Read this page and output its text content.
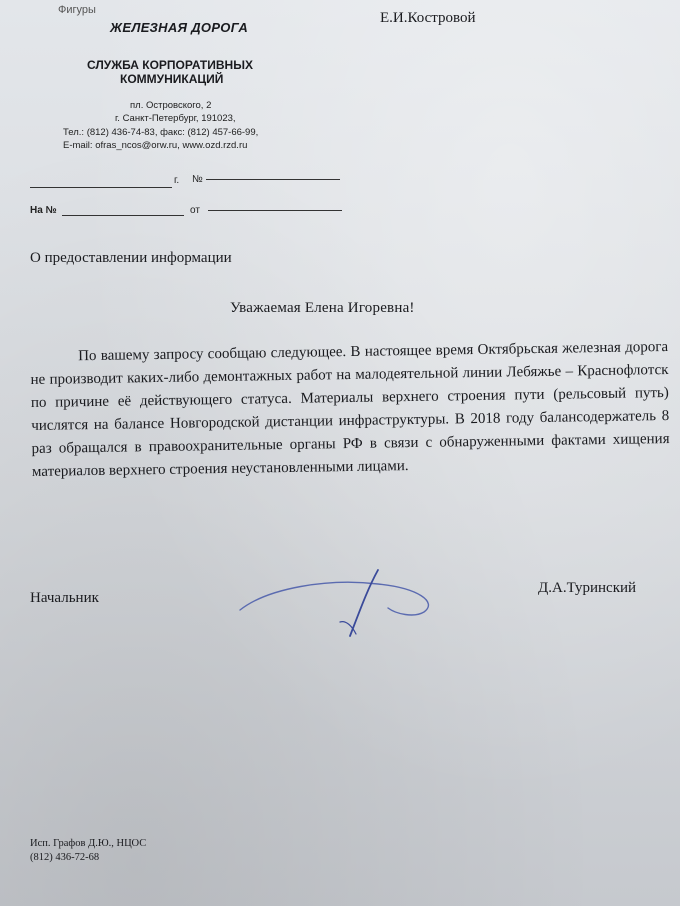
Фигуры	Е.И.Костровой
ЖЕЛЕЗНАЯ ДОРОГА
СЛУЖБА КОРПОРАТИВНЫХ
КОММУНИКАЦИЙ
пл. Островского, 2
г. Санкт-Петербург, 191023,
Тел.: (812) 436-74-83, факс: (812) 457-66-99,
E-mail: ofras_ncos@orw.ru, www.ozd.rzd.ru
г. №
На №	от
О предоставлении информации
Уважаемая Елена Игоревна!
По вашему запросу сообщаю следующее. В настоящее время Октябрьская железная дорога не производит каких-либо демонтажных работ на малодеятельной линии Лебяжье – Краснофлотск по причине её действующего статуса. Материалы верхнего строения пути (рельсовый путь) числятся на балансе Новгородской дистанции инфраструктуры. В 2018 году балансодержатель 8 раз обращался в правоохранительные органы РФ в связи с обнаруженными фактами хищения материалов верхнего строения неустановленными лицами.
Начальник
Д.А.Туринский
Исп. Графов Д.Ю., НЦОС
(812) 436-72-68
